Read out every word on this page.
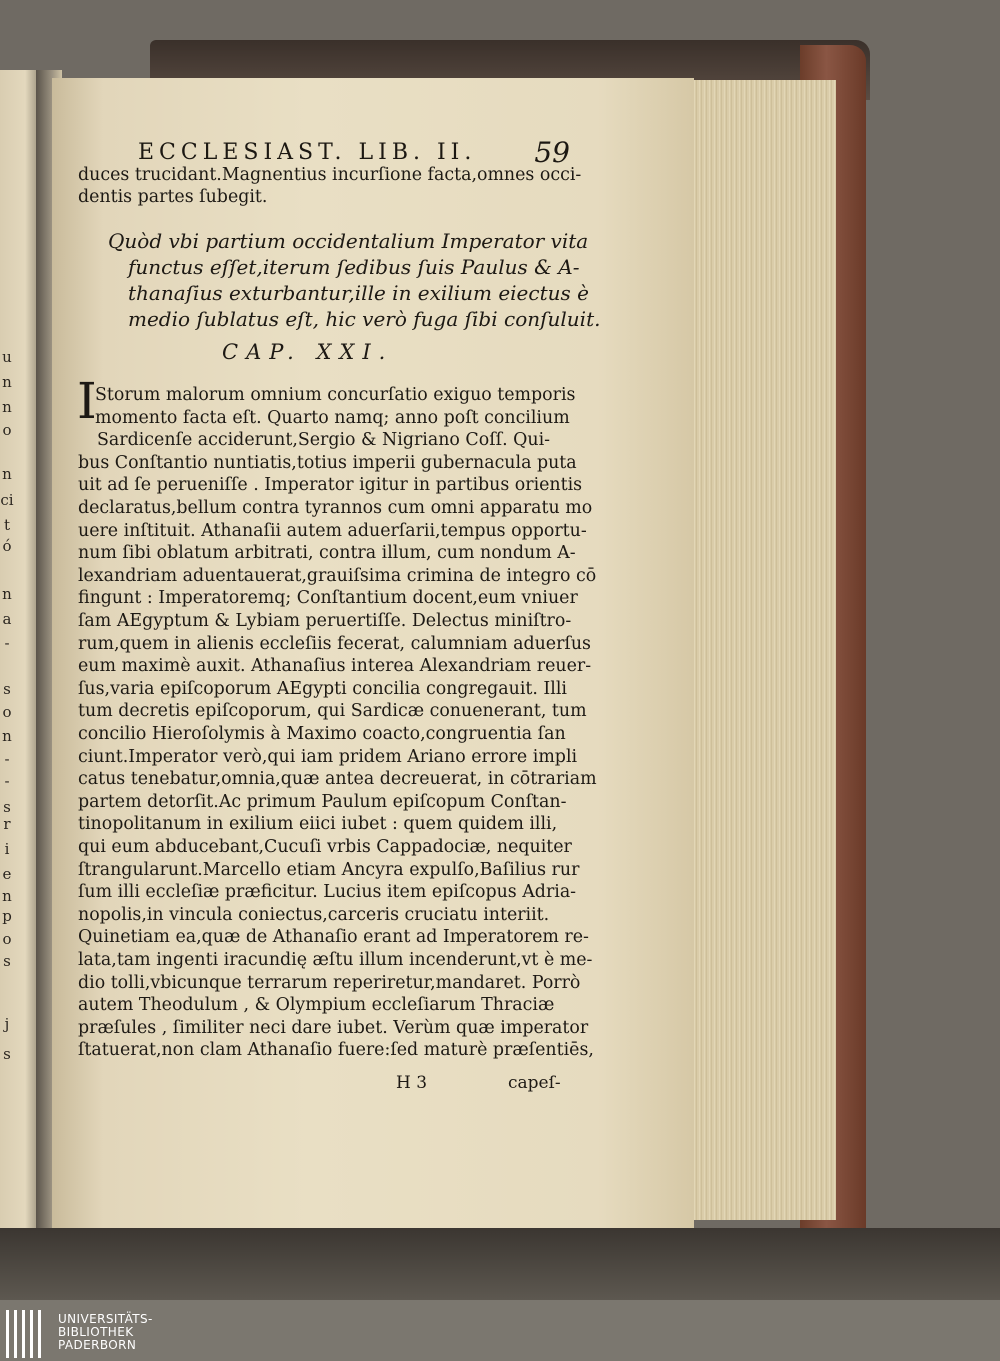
u
n
n
o
n
ci
t
ó
n
a
-
s
o
n
-
-
s
r
i
e
n
p
o
s
j
s
ECCLESIAST. LIB. II. 59
duces trucidant.Magnentius incurſione facta,omnes occi-
dentis partes ſubegit.
Quòd vbi partium occidentalium Imperator vita
functus eſſet,iterum ſedibus ſuis Paulus & A-
thanaſius exturbantur,ille in exilium eiectus è
medio ſublatus eſt, hic verò fuga ſibi conſuluit.
CAP. XXI.
I
Storum malorum omnium concurſatio exiguo temporis
momento facta eſt. Quarto namq; anno poſt concilium
Sardicenſe acciderunt,Sergio & Nigriano Coſſ. Qui-
bus Conſtantio nuntiatis,totius imperii gubernacula puta
uit ad ſe perueniſſe . Imperator igitur in partibus orientis
declaratus,bellum contra tyrannos cum omni apparatu mo
uere inſtituit. Athanaſii autem aduerſarii,tempus opportu-
num ſibi oblatum arbitrati, contra illum, cum nondum A-
lexandriam aduentauerat,grauiſsima crimina de integro cō
fingunt : Imperatoremq; Conſtantium docent,eum vniuer
ſam AEgyptum & Lybiam peruertiſſe. Delectus miniſtro-
rum,quem in alienis eccleſiis fecerat, calumniam aduerſus
eum maximè auxit. Athanaſius interea Alexandriam reuer-
ſus,varia epiſcoporum AEgypti concilia congregauit. Illi
tum decretis epiſcoporum, qui Sardicæ conuenerant, tum
concilio Hieroſolymis à Maximo coacto,congruentia ſan
ciunt.Imperator verò,qui iam pridem Ariano errore impli
catus tenebatur,omnia,quæ antea decreuerat, in cōtrariam
partem detorſit.Ac primum Paulum epiſcopum Conſtan-
tinopolitanum in exilium eiici iubet : quem quidem illi,
qui eum abducebant,Cucuſi vrbis Cappadociæ, nequiter
ſtrangularunt.Marcello etiam Ancyra expulſo,Baſilius rur
ſum illi eccleſiæ præficitur. Lucius item epiſcopus Adria-
nopolis,in vincula coniectus,carceris cruciatu interiit.
Quinetiam ea,quæ de Athanaſio erant ad Imperatorem re-
lata,tam ingenti iracundię æſtu illum incenderunt,vt è me-
dio tolli,vbicunque terrarum reperiretur,mandaret. Porrò
autem Theodulum , & Olympium eccleſiarum Thraciæ
præſules , ſimiliter neci dare iubet. Verùm quæ imperator
ſtatuerat,non clam Athanaſio fuere:ſed maturè præſentiēs,
H 3	capeſ-
UNIVERSITÄTS-
BIBLIOTHEK
PADERBORN
